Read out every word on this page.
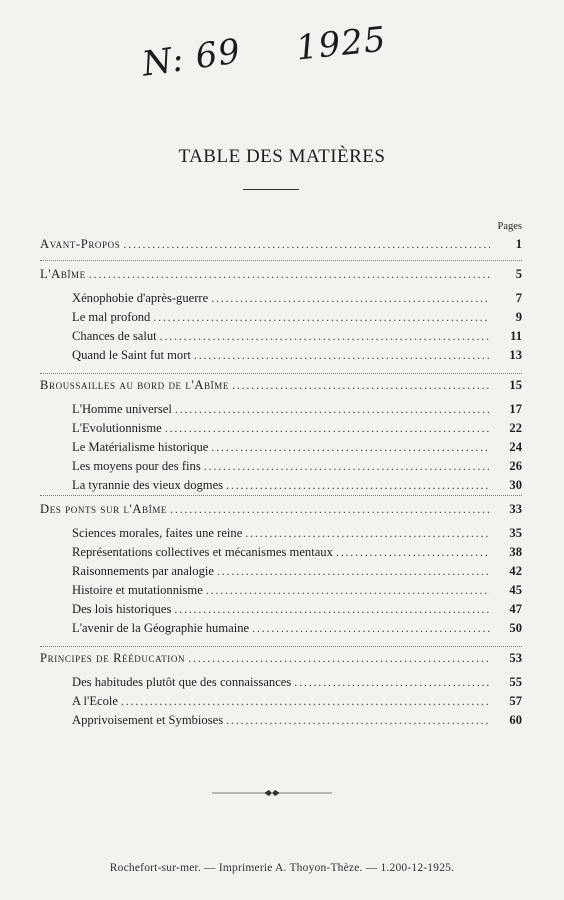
N: 69 1925
TABLE DES MATIÈRES
Pages
Avant-Propos .....	1
L'Abîme .....	5
Xénophobie d'après-guerre .....	7
Le mal profond .....	9
Chances de salut .....	11
Quand le Saint fut mort .....	13
Broussailles au bord de l'Abîme .....	15
L'Homme universel .....	17
L'Evolutionnisme .....	22
Le Matérialisme historique .....	24
Les moyens pour des fins .....	26
La tyrannie des vieux dogmes .....	30
Des ponts sur l'Abîme .....	33
Sciences morales, faites une reine .....	35
Représentations collectives et mécanismes mentaux .....	38
Raisonnements par analogie .....	42
Histoire et mutationnisme .....	45
Des lois historiques .....	47
L'avenir de la Géographie humaine .....	50
Principes de Rééducation .....	53
Des habitudes plutôt que des connaissances .....	55
A l'Ecole .....	57
Apprivoisement et Symbioses .....	60
Rochefort-sur-mer. — Imprimerie A. Thoyon-Thèze. — 1.200-12-1925.
